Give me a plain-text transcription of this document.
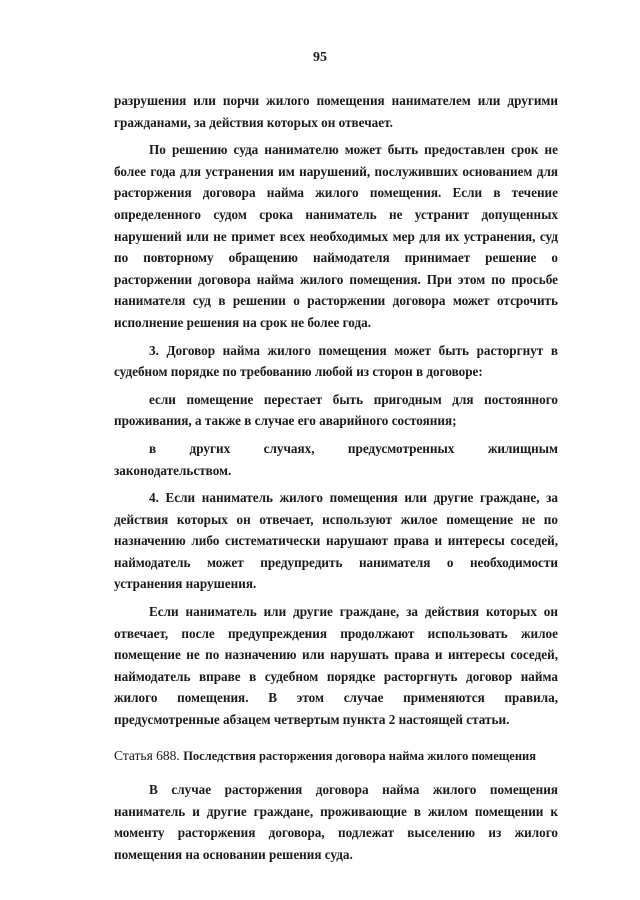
95

разрушения или порчи жилого помещения нанимателем или другими гражданами, за действия которых он отвечает.

По решению суда нанимателю может быть предоставлен срок не более года для устранения им нарушений, послуживших основанием для расторжения договора найма жилого помещения. Если в течение определенного судом срока наниматель не устранит допущенных нарушений или не примет всех необходимых мер для их устранения, суд по повторному обращению наймодателя принимает решение о расторжении договора найма жилого помещения. При этом по просьбе нанимателя суд в решении о расторжении договора может отсрочить исполнение решения на срок не более года.

3. Договор найма жилого помещения может быть расторгнут в судебном порядке по требованию любой из сторон в договоре:

если помещение перестает быть пригодным для постоянного проживания, а также в случае его аварийного состояния;

в других случаях, предусмотренных жилищным законодательством.

4. Если наниматель жилого помещения или другие граждане, за действия которых он отвечает, используют жилое помещение не по назначению либо систематически нарушают права и интересы соседей, наймодатель может предупредить нанимателя о необходимости устранения нарушения.

Если наниматель или другие граждане, за действия которых он отвечает, после предупреждения продолжают использовать жилое помещение не по назначению или нарушать права и интересы соседей, наймодатель вправе в судебном порядке расторгнуть договор найма жилого помещения. В этом случае применяются правила, предусмотренные абзацем четвертым пункта 2 настоящей статьи.

Статья 688. Последствия расторжения договора найма жилого помещения

В случае расторжения договора найма жилого помещения наниматель и другие граждане, проживающие в жилом помещении к моменту расторжения договора, подлежат выселению из жилого помещения на основании решения суда.
